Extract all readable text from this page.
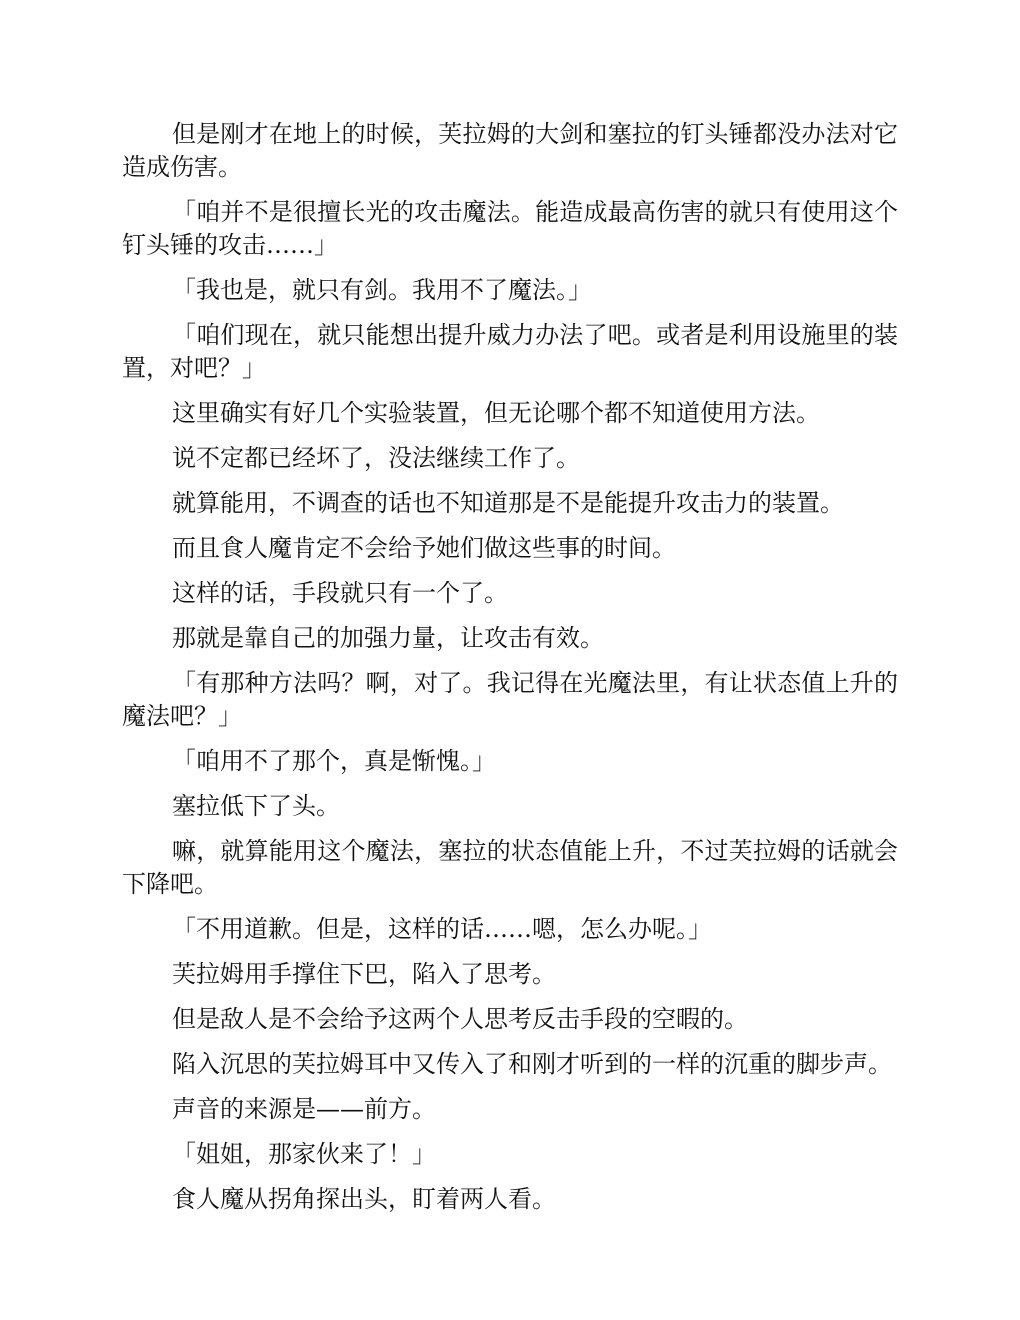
但是刚才在地上的时候，芙拉姆的大剑和塞拉的钉头锤都没办法对它造成伤害。

「咱并不是很擅长光的攻击魔法。能造成最高伤害的就只有使用这个钉头锤的攻击……」

「我也是，就只有剑。我用不了魔法。」

「咱们现在，就只能想出提升威力办法了吧。或者是利用设施里的装置，对吧？」

这里确实有好几个实验装置，但无论哪个都不知道使用方法。

说不定都已经坏了，没法继续工作了。

就算能用，不调查的话也不知道那是不是能提升攻击力的装置。

而且食人魔肯定不会给予她们做这些事的时间。

这样的话，手段就只有一个了。

那就是靠自己的加强力量，让攻击有效。

「有那种方法吗？啊，对了。我记得在光魔法里，有让状态值上升的魔法吧？」

「咱用不了那个，真是惭愧。」

塞拉低下了头。

嘛，就算能用这个魔法，塞拉的状态值能上升，不过芙拉姆的话就会下降吧。

「不用道歉。但是，这样的话……嗯，怎么办呢。」

芙拉姆用手撑住下巴，陷入了思考。

但是敌人是不会给予这两个人思考反击手段的空暇的。

陷入沉思的芙拉姆耳中又传入了和刚才听到的一样的沉重的脚步声。

声音的来源是——前方。

「姐姐，那家伙来了！」

食人魔从拐角探出头，盯着两人看。
